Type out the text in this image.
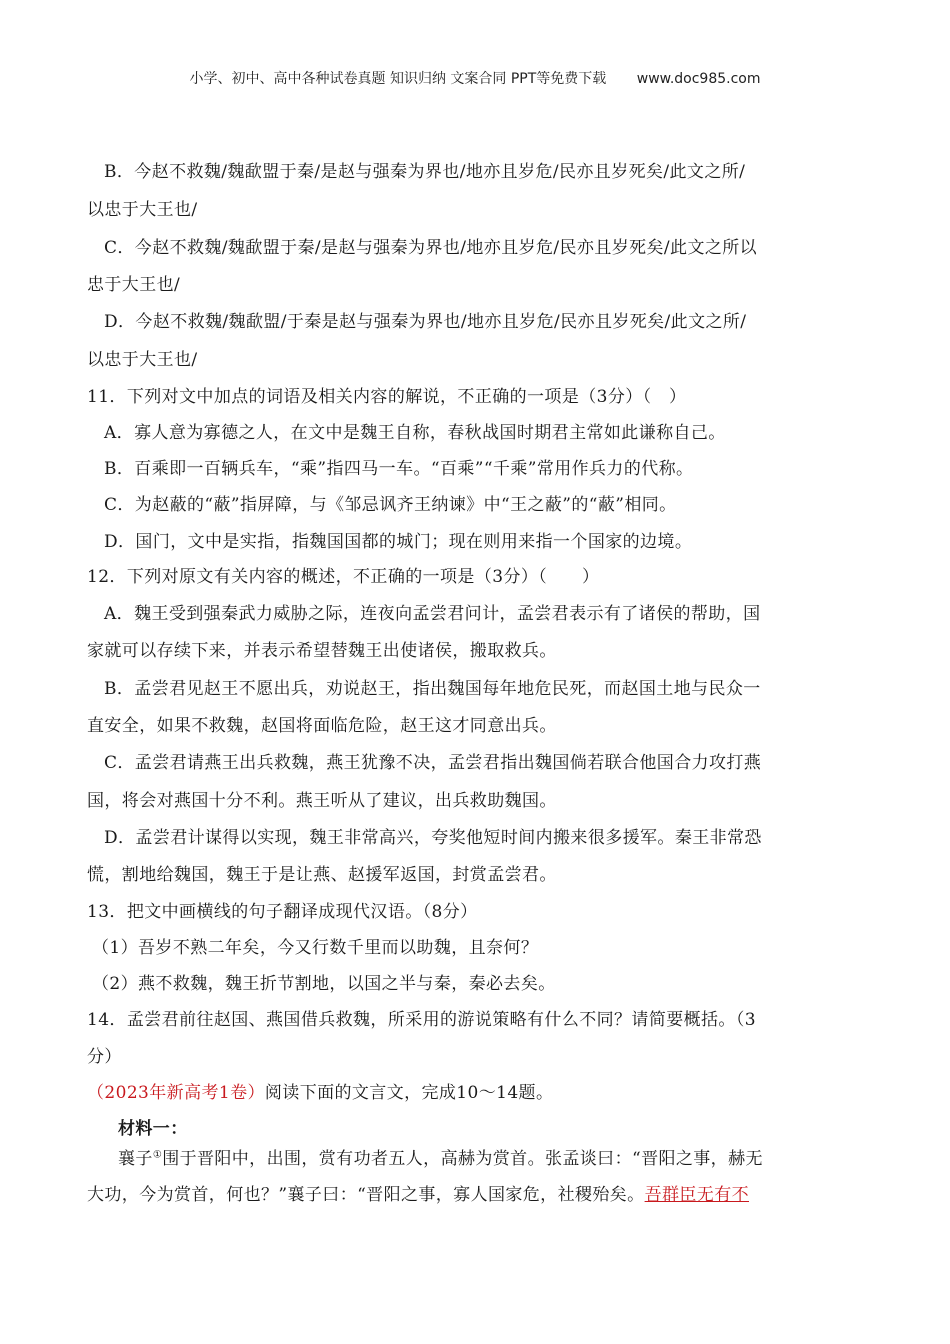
小学、初中、高中各种试卷真题 知识归纳 文案合同 PPT等免费下载 www.doc985.com
B．今赵不救魏/魏歃盟于秦/是赵与强秦为界也/地亦且岁危/民亦且岁死矣/此文之所/
以忠于大王也/
C．今赵不救魏/魏歃盟于秦/是赵与强秦为界也/地亦且岁危/民亦且岁死矣/此文之所以
忠于大王也/
D．今赵不救魏/魏歃盟/于秦是赵与强秦为界也/地亦且岁危/民亦且岁死矣/此文之所/
以忠于大王也/
11．下列对文中加点的词语及相关内容的解说，不正确的一项是（3分）（　）
A．寡人意为寡德之人，在文中是魏王自称，春秋战国时期君主常如此谦称自己。
B．百乘即一百辆兵车，“乘”指四马一车。“百乘”“千乘”常用作兵力的代称。
C．为赵蔽的“蔽”指屏障，与《邹忌讽齐王纳谏》中“王之蔽”的“蔽”相同。
D．国门，文中是实指，指魏国国都的城门；现在则用来指一个国家的边境。
12．下列对原文有关内容的概述，不正确的一项是（3分）（　　）
A．魏王受到强秦武力威胁之际，连夜向孟尝君问计，孟尝君表示有了诸侯的帮助，国
家就可以存续下来，并表示希望替魏王出使诸侯，搬取救兵。
B．孟尝君见赵王不愿出兵，劝说赵王，指出魏国每年地危民死，而赵国土地与民众一
直安全，如果不救魏，赵国将面临危险，赵王这才同意出兵。
C．孟尝君请燕王出兵救魏，燕王犹豫不决，孟尝君指出魏国倘若联合他国合力攻打燕
国，将会对燕国十分不利。燕王听从了建议，出兵救助魏国。
D．孟尝君计谋得以实现，魏王非常高兴，夸奖他短时间内搬来很多援军。秦王非常恐
慌，割地给魏国，魏王于是让燕、赵援军返国，封赏孟尝君。
13．把文中画横线的句子翻译成现代汉语。（8分）
（1）吾岁不熟二年矣，今又行数千里而以助魏，且奈何？
（2）燕不救魏，魏王折节割地，以国之半与秦，秦必去矣。
14．孟尝君前往赵国、燕国借兵救魏，所采用的游说策略有什么不同？请简要概括。（3
分）
（2023年新高考1卷）阅读下面的文言文，完成10～14题。
材料一：
襄子①围于晋阳中，出围，赏有功者五人，高赫为赏首。张孟谈曰：“晋阳之事，赫无
大功，今为赏首，何也？”襄子曰：“晋阳之事，寡人国家危，社稷殆矣。吾群臣无有不
